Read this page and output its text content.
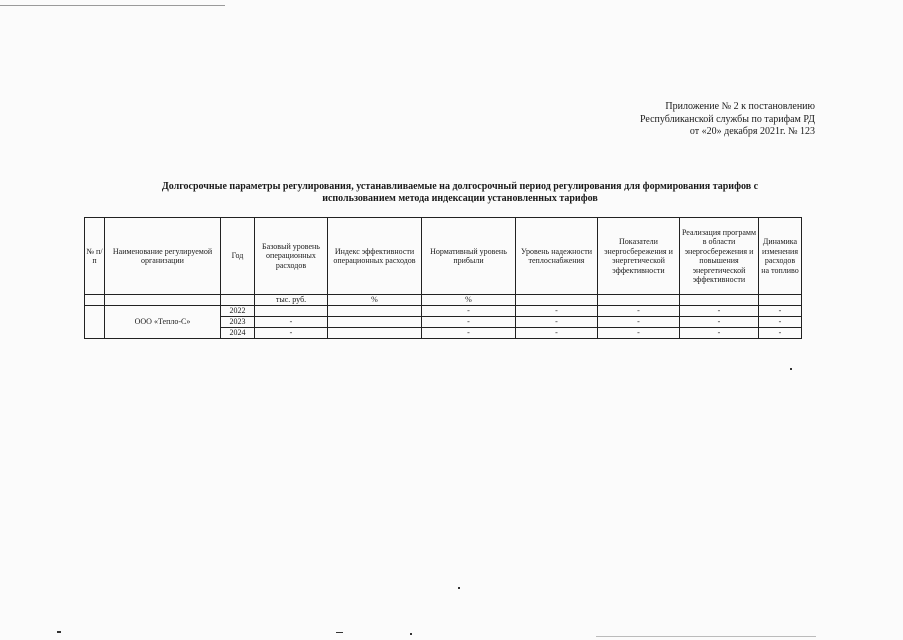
Приложение № 2 к постановлению
Республиканской службы по тарифам РД
от «20» декабря 2021г. № 123
Долгосрочные параметры регулирования, устанавливаемые на долгосрочный период регулирования для формирования тарифов с
использованием метода индексации установленных тарифов
№ п/п	Наименование регулируемой организации	Год	Базовый уровень операционных расходов	Индекс эффективности операционных расходов	Нормативный уровень прибыли	Уровень надежности теплоснабжения	Показатели энергосбережения и энергетической эффективности	Реализация программ в области энергосбережения и повышения энергетической эффективности	Динамика изменения расходов на топливо
			тыс. руб.	%	%				
	ООО «Тепло-С»	2022			-	-	-	-	-
		2023	-		-	-	-	-	-
		2024	-		-	-	-	-	-
